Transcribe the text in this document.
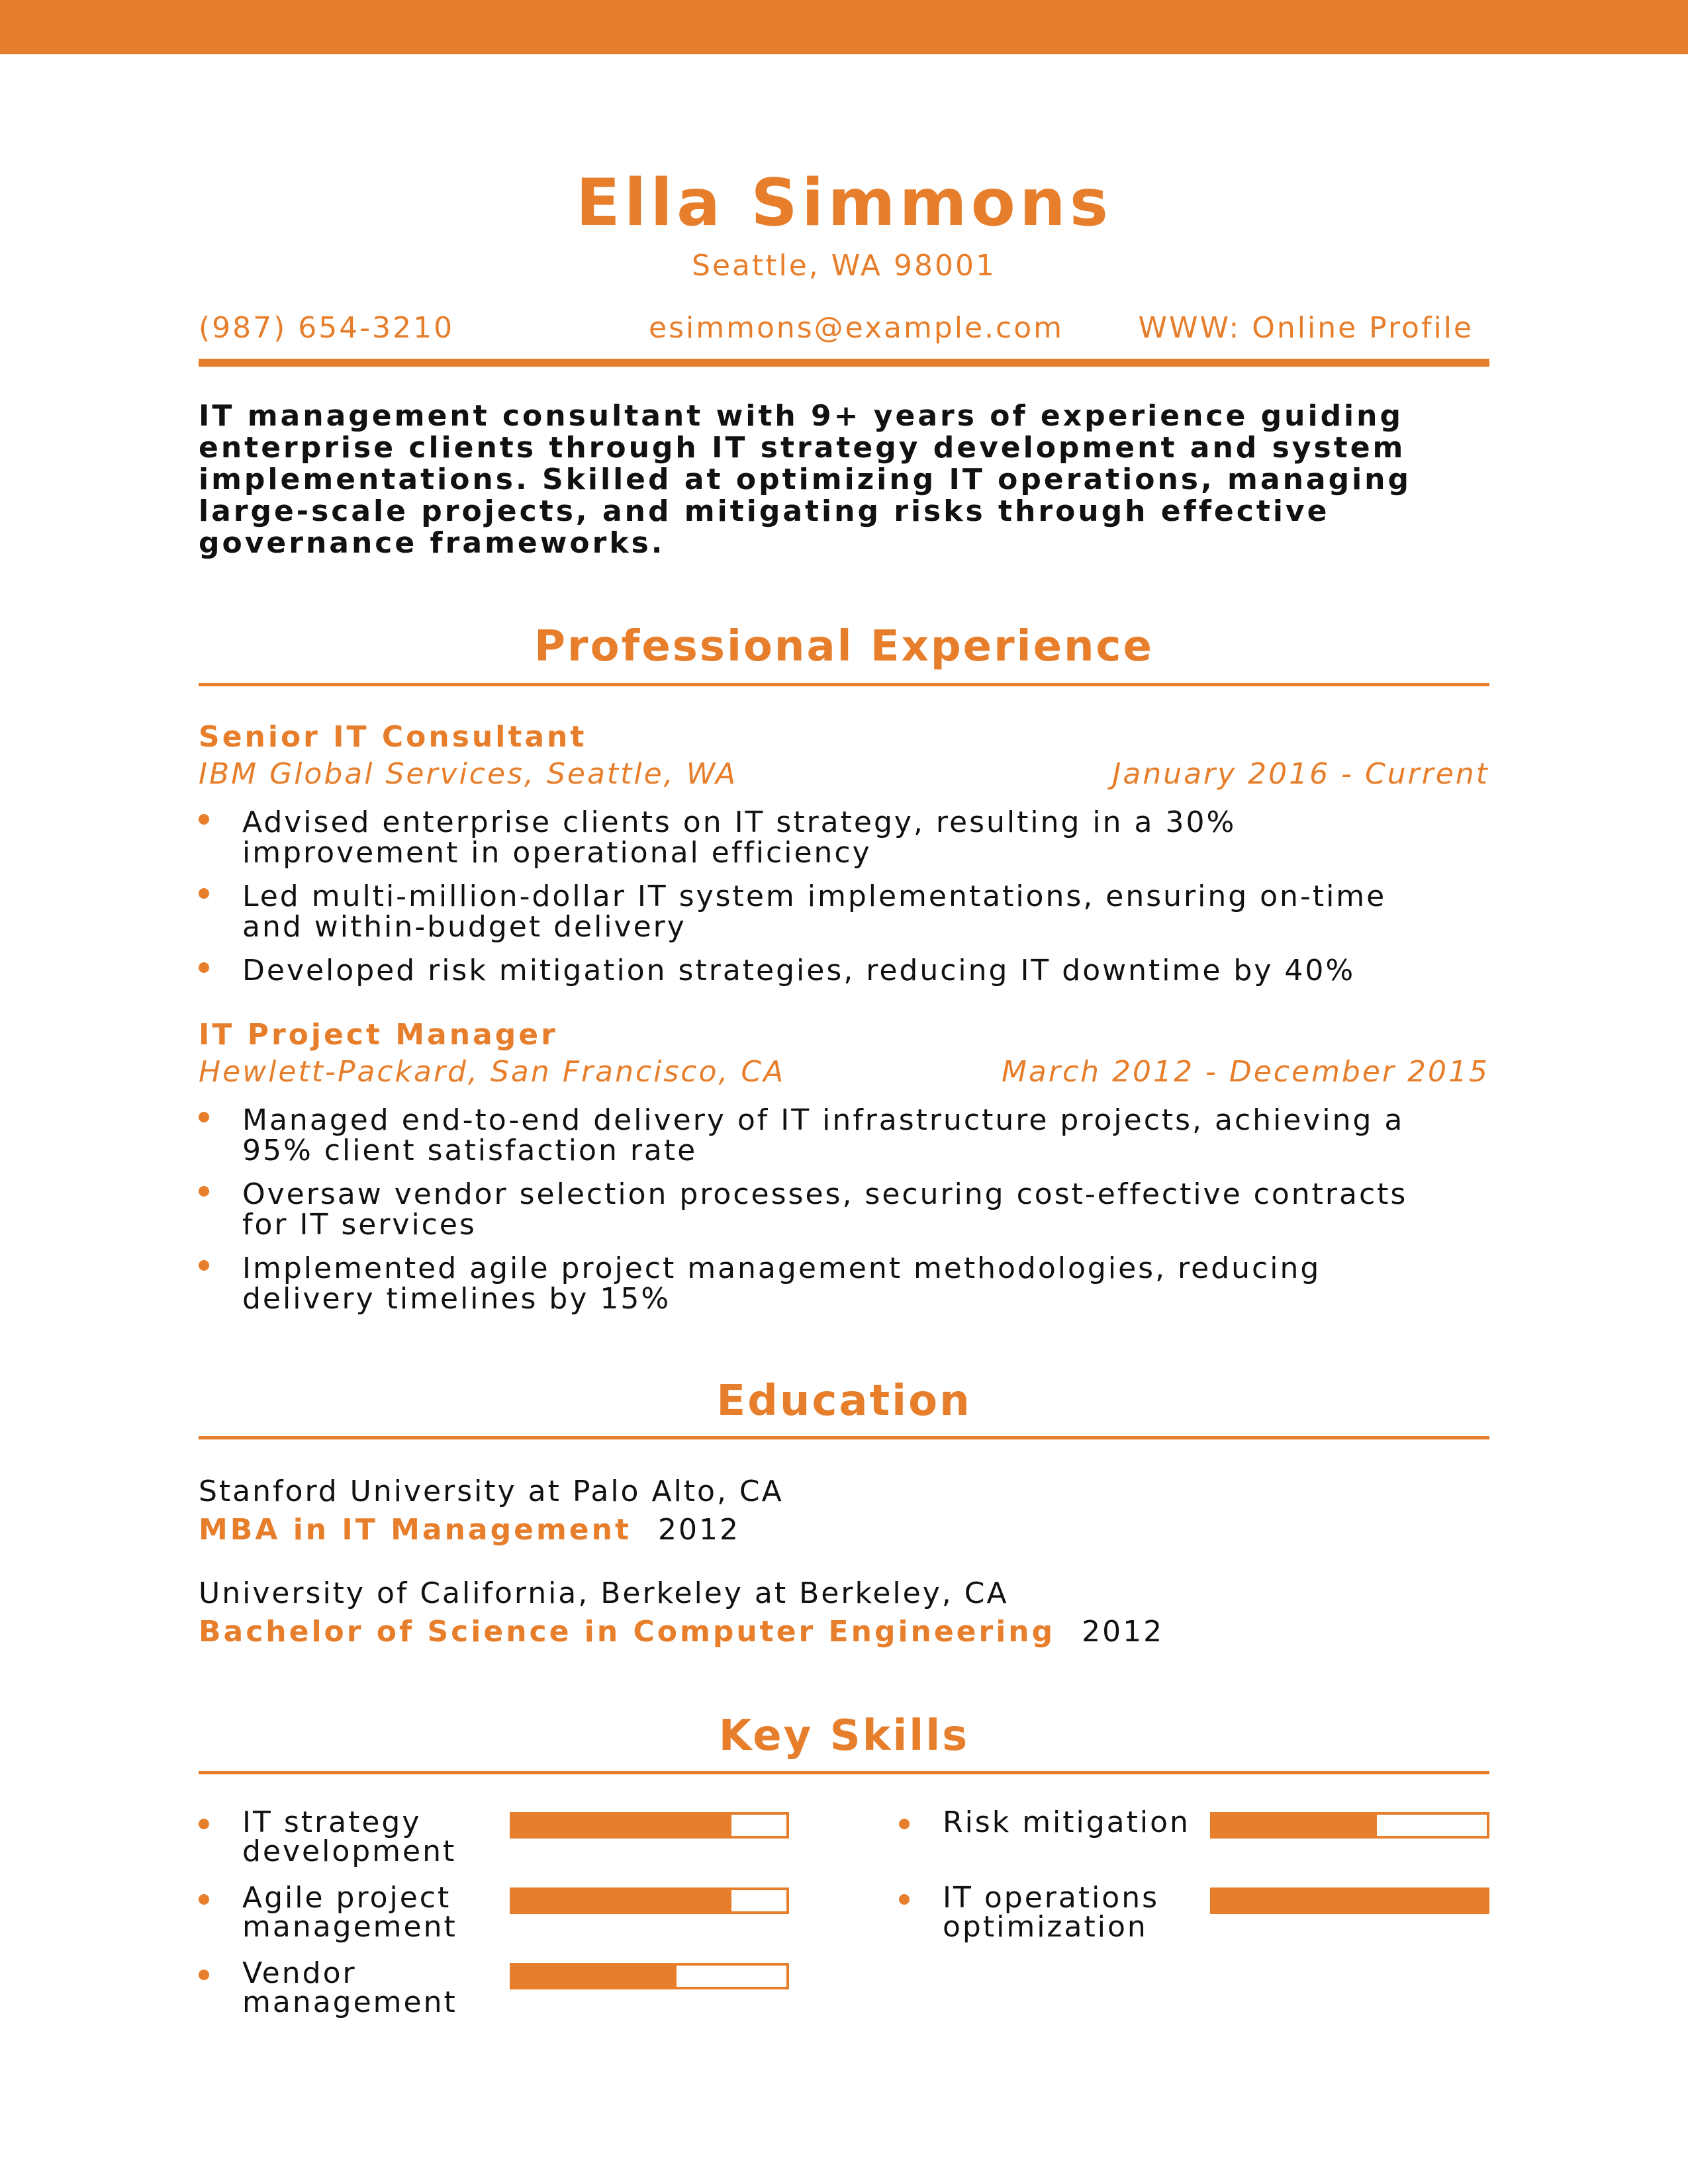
Ella Simmons
Seattle, WA 98001
(987) 654-3210	esimmons@example.com	WWW: Online Profile
IT management consultant with 9+ years of experience guiding enterprise clients through IT strategy development and system implementations. Skilled at optimizing IT operations, managing large-scale projects, and mitigating risks through effective governance frameworks.
Professional Experience
Senior IT Consultant
IBM Global Services, Seattle, WA	January 2016 - Current
Advised enterprise clients on IT strategy, resulting in a 30% improvement in operational efficiency
Led multi-million-dollar IT system implementations, ensuring on-time and within-budget delivery
Developed risk mitigation strategies, reducing IT downtime by 40%
IT Project Manager
Hewlett-Packard, San Francisco, CA	March 2012 - December 2015
Managed end-to-end delivery of IT infrastructure projects, achieving a 95% client satisfaction rate
Oversaw vendor selection processes, securing cost-effective contracts for IT services
Implemented agile project management methodologies, reducing delivery timelines by 15%
Education
Stanford University at Palo Alto, CA
MBA in IT Management 2012
University of California, Berkeley at Berkeley, CA
Bachelor of Science in Computer Engineering 2012
Key Skills
IT strategy development
Risk mitigation
Agile project management
IT operations optimization
Vendor management
